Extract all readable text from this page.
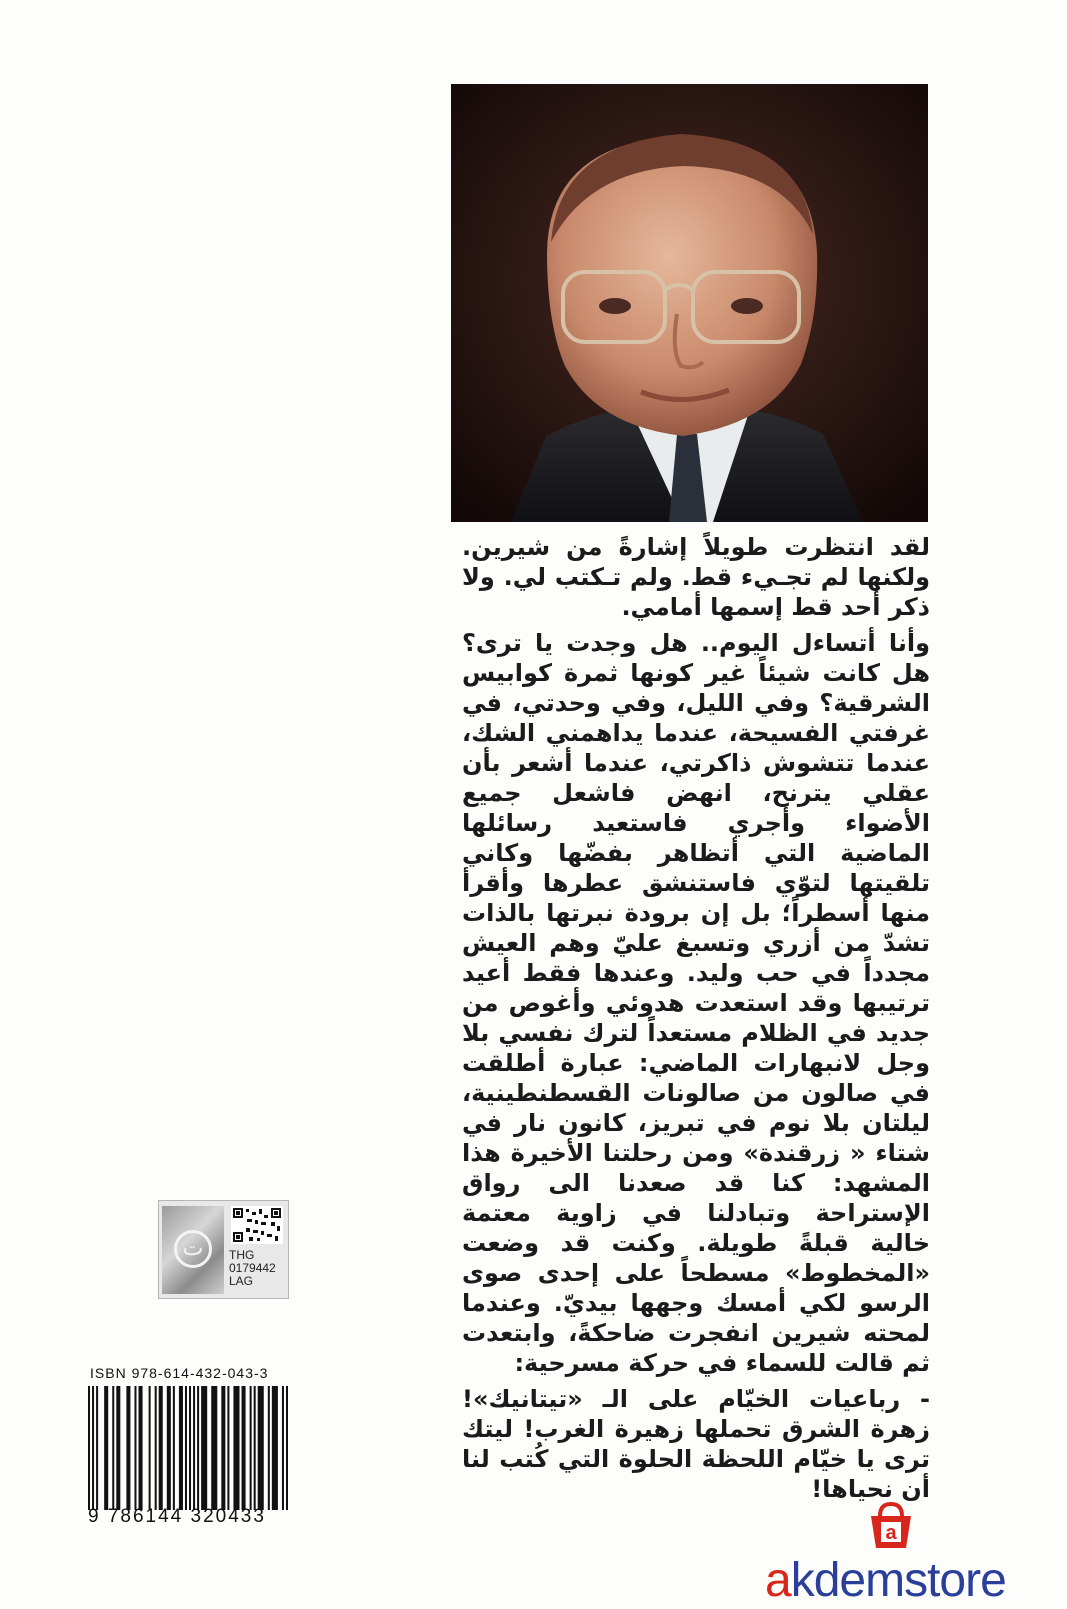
لقد انتظرت طويلاً إشارةً من شيرين. ولكنها لم تجـيء قط. ولم تـكتب لي. ولا ذكر أحد قط إسمها أمامي.

وأنا أتساءل اليوم.. هل وجدت يا ترى؟ هل كانت شيئاً غير كونها ثمرة كوابيس الشرقية؟ وفي الليل، وفي وحدتي، في غرفتي الفسيحة، عندما يداهمني الشك، عندما تتشوش ذاكرتي، عندما أشعر بأن عقلي يترنح، انهض فاشعل جميع الأضواء وأجري فاستعيد رسائلها الماضية التي أتظاهر بفضّها وكاني تلقيتها لتوّي فاستنشق عطرها وأقرأ منها أسطراً؛ بل إن برودة نبرتها بالذات تشدّ من أزري وتسبغ عليّ وهم العيش مجدداً في حب وليد. وعندها فقط أعيد ترتيبها وقد استعدت هدوئي وأغوص من جديد في الظلام مستعداً لترك نفسي بلا وجل لانبهارات الماضي: عبارة أطلقت في صالون من صالونات القسطنطينية، ليلتان بلا نوم في تبريز، كانون نار في شتاء « زرقندة» ومن رحلتنا الأخيرة هذا المشهد: كنا قد صعدنا الى رواق الإستراحة وتبادلنا في زاوية معتمة خالية قبلةً طويلة. وكنت قد وضعت «المخطوط» مسطحاً على إحدى صوى الرسو لكي أمسك وجهها بيديّ. وعندما لمحته شيرين انفجرت ضاحكةً، وابتعدت ثم قالت للسماء في حركة مسرحية:

- رباعيات الخيّام على الـ «تيتانيك»! زهرة الشرق تحملها زهيرة الغرب! ليتك ترى يا خيّام اللحظة الحلوة التي كُتب لنا أن نحياها!

ت	THG
0179442
LAG
ISBN 978-614-432-043-3
9 786144 320433
a
akdemstore
